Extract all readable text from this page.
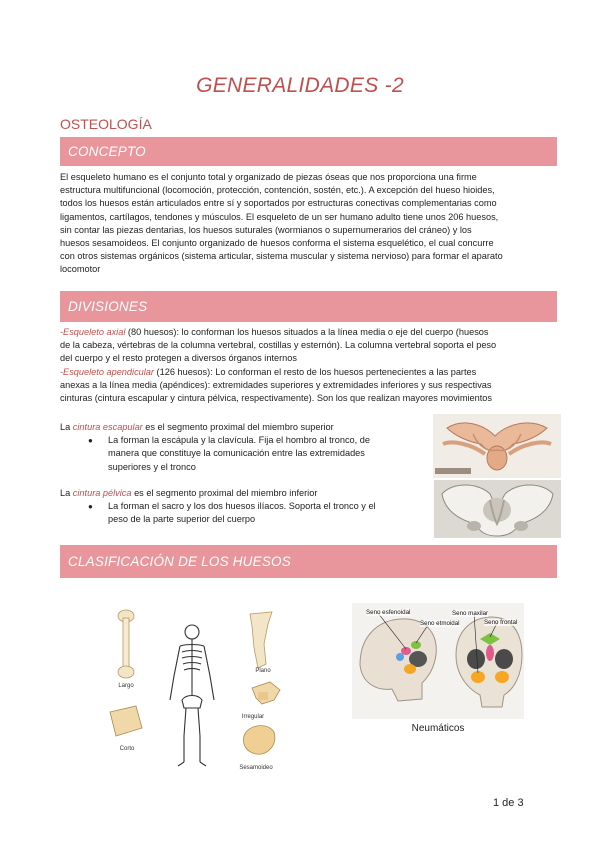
GENERALIDADES -2
OSTEOLOGÍA
CONCEPTO
El esqueleto humano es el conjunto total y organizado de piezas óseas que nos proporciona una firme
estructura multifuncional (locomoción, protección, contención, sostén, etc.). A excepción del hueso hioides,
todos los huesos están articulados entre sí y soportados por estructuras conectivas complementarias como
ligamentos, cartílagos, tendones y músculos. El esqueleto de un ser humano adulto tiene unos 206 huesos,
sin contar las piezas dentarias, los huesos suturales (wormianos o supernumerarios del cráneo) y los
huesos sesamoideos. El conjunto organizado de huesos conforma el sistema esquelético, el cual concurre
con otros sistemas orgánicos (sistema articular, sistema muscular y sistema nervioso) para formar el aparato
locomotor
DIVISIONES
-Esqueleto axial (80 huesos): lo conforman los huesos situados a la línea media o eje del cuerpo (huesos
de la cabeza, vértebras de la columna vertebral, costillas y esternón). La columna vertebral soporta el peso
del cuerpo y el resto protegen a diversos órganos internos
-Esqueleto apendicular (126 huesos): Lo conforman el resto de los huesos pertenecientes a las partes
anexas a la línea media (apéndices): extremidades superiores y extremidades inferiores y sus respectivas
cinturas (cintura escapular y cintura pélvica, respectivamente). Son los que realizan mayores movimientos
La cintura escapular es el segmento proximal del miembro superior
●	La forman la escápula y la clavícula. Fija el hombro al tronco, de
manera que constituye la comunicación entre las extremidades
superiores y el tronco
La cintura pélvica es el segmento proximal del miembro inferior
●	La forman el sacro y los dos huesos ilíacos. Soporta el tronco y el
peso de la parte superior del cuerpo
CLASIFICACIÓN DE LOS HUESOS
Largo
Corto
Plano
Irregular
Sesamoideo
Seno esfenoidal
Seno etmoidal
Seno maxilar
Seno frontal
Neumáticos
1 de 3
